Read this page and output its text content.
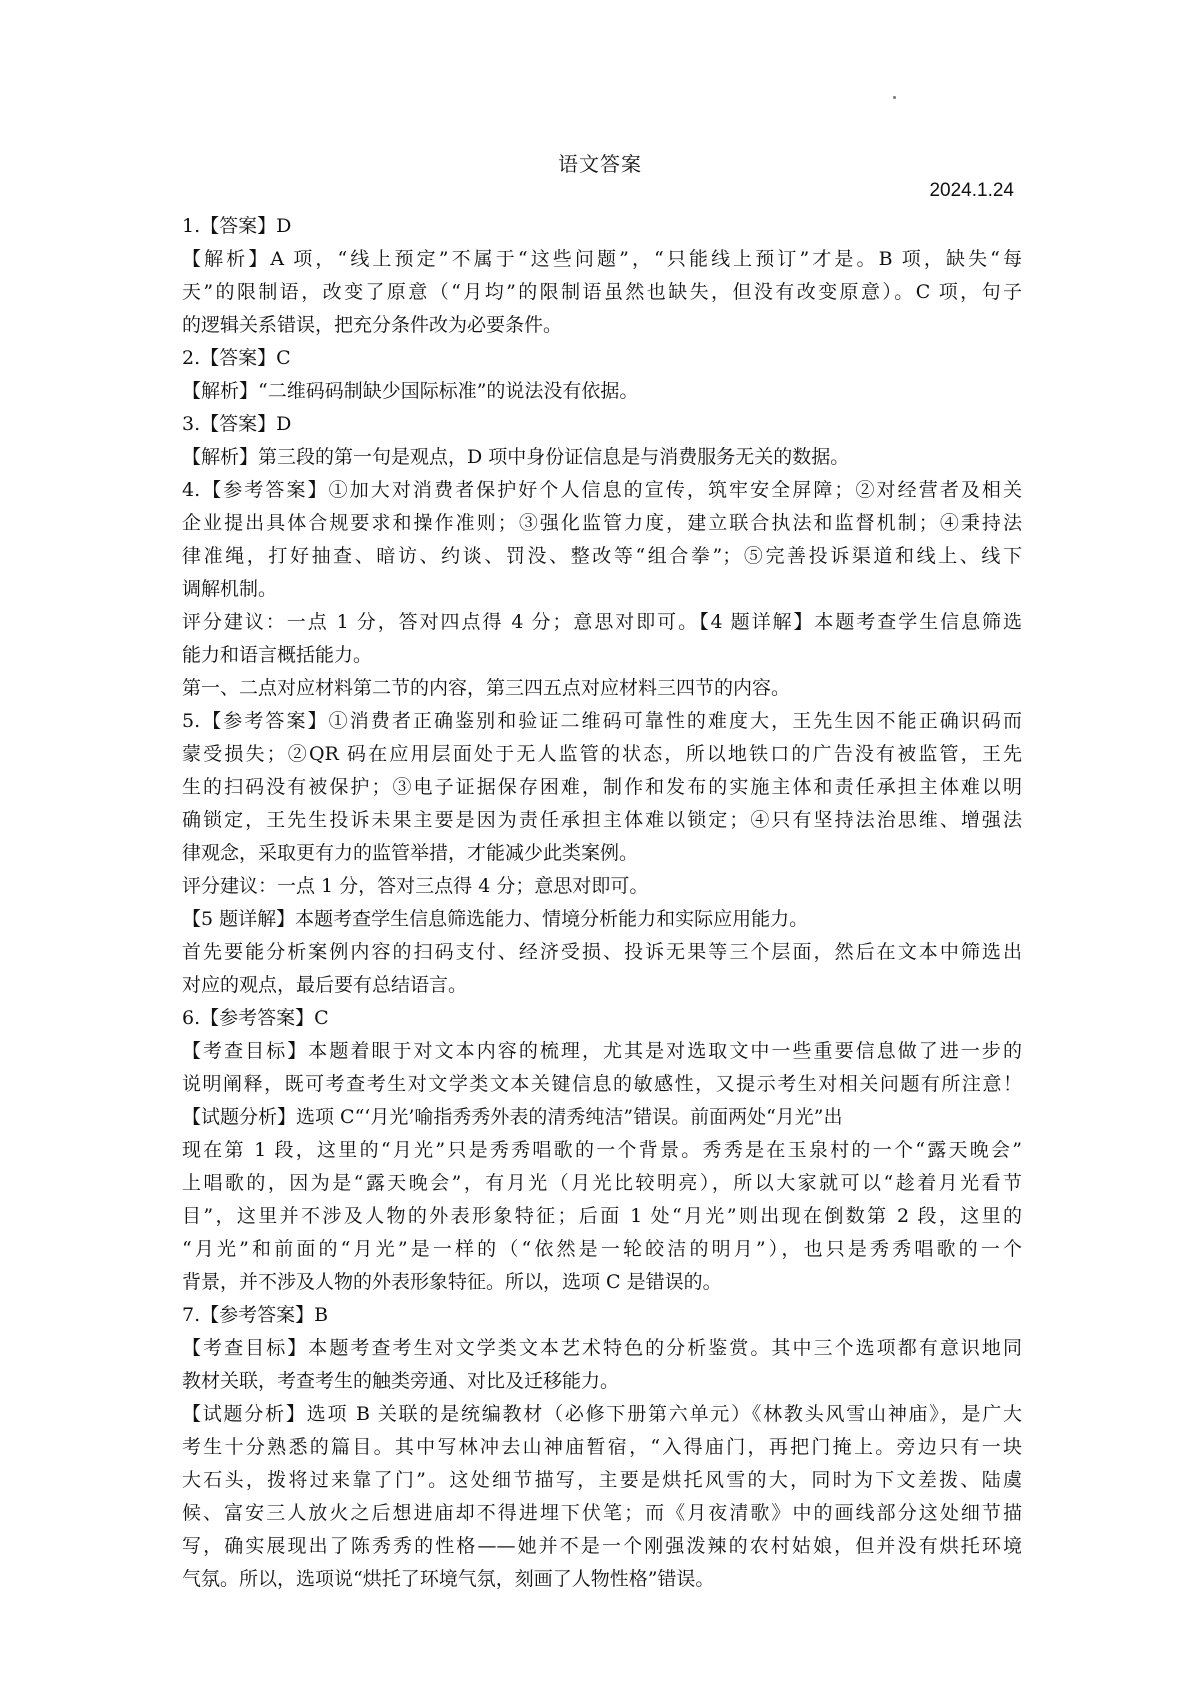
语文答案
2024.1.24
1.【答案】D
【解析】A 项，“线上预定”不属于“这些问题”，“只能线上预订”才是。B 项，缺失“每
天”的限制语，改变了原意（“月均”的限制语虽然也缺失，但没有改变原意）。C 项，句子
的逻辑关系错误，把充分条件改为必要条件。
2.【答案】C
【解析】“二维码码制缺少国际标准”的说法没有依据。
3.【答案】D
【解析】第三段的第一句是观点，D 项中身份证信息是与消费服务无关的数据。
4.【参考答案】①加大对消费者保护好个人信息的宣传，筑牢安全屏障；②对经营者及相关
企业提出具体合规要求和操作准则；③强化监管力度，建立联合执法和监督机制；④秉持法
律准绳，打好抽查、暗访、约谈、罚没、整改等“组合拳”；⑤完善投诉渠道和线上、线下
调解机制。
评分建议：一点 1 分，答对四点得 4 分；意思对即可。【4 题详解】本题考查学生信息筛选
能力和语言概括能力。
第一、二点对应材料第二节的内容，第三四五点对应材料三四节的内容。
5.【参考答案】①消费者正确鉴别和验证二维码可靠性的难度大，王先生因不能正确识码而
蒙受损失；②QR 码在应用层面处于无人监管的状态，所以地铁口的广告没有被监管，王先
生的扫码没有被保护；③电子证据保存困难，制作和发布的实施主体和责任承担主体难以明
确锁定，王先生投诉未果主要是因为责任承担主体难以锁定；④只有坚持法治思维、增强法
律观念，采取更有力的监管举措，才能减少此类案例。
评分建议：一点 1 分，答对三点得 4 分；意思对即可。
【5 题详解】本题考查学生信息筛选能力、情境分析能力和实际应用能力。
首先要能分析案例内容的扫码支付、经济受损、投诉无果等三个层面，然后在文本中筛选出
对应的观点，最后要有总结语言。
6.【参考答案】C
【考查目标】本题着眼于对文本内容的梳理，尤其是对选取文中一些重要信息做了进一步的
说明阐释，既可考查考生对文学类文本关键信息的敏感性，又提示考生对相关问题有所注意！
【试题分析】选项 C“‘月光’喻指秀秀外表的清秀纯洁”错误。前面两处“月光”出
现在第 1 段，这里的“月光”只是秀秀唱歌的一个背景。秀秀是在玉泉村的一个“露天晚会”
上唱歌的，因为是“露天晚会”，有月光（月光比较明亮），所以大家就可以“趁着月光看节
目”，这里并不涉及人物的外表形象特征；后面 1 处“月光”则出现在倒数第 2 段，这里的
“月光”和前面的“月光”是一样的（“依然是一轮皎洁的明月”），也只是秀秀唱歌的一个
背景，并不涉及人物的外表形象特征。所以，选项 C 是错误的。
7.【参考答案】B
【考查目标】本题考查考生对文学类文本艺术特色的分析鉴赏。其中三个选项都有意识地同
教材关联，考查考生的触类旁通、对比及迁移能力。
【试题分析】选项 B 关联的是统编教材（必修下册第六单元）《林教头风雪山神庙》，是广大
考生十分熟悉的篇目。其中写林冲去山神庙暂宿，“入得庙门，再把门掩上。旁边只有一块
大石头，拨将过来靠了门”。这处细节描写，主要是烘托风雪的大，同时为下文差拨、陆虞
候、富安三人放火之后想进庙却不得进埋下伏笔；而《月夜清歌》中的画线部分这处细节描
写，确实展现出了陈秀秀的性格——她并不是一个刚强泼辣的农村姑娘，但并没有烘托环境
气氛。所以，选项说“烘托了环境气氛，刻画了人物性格”错误。
